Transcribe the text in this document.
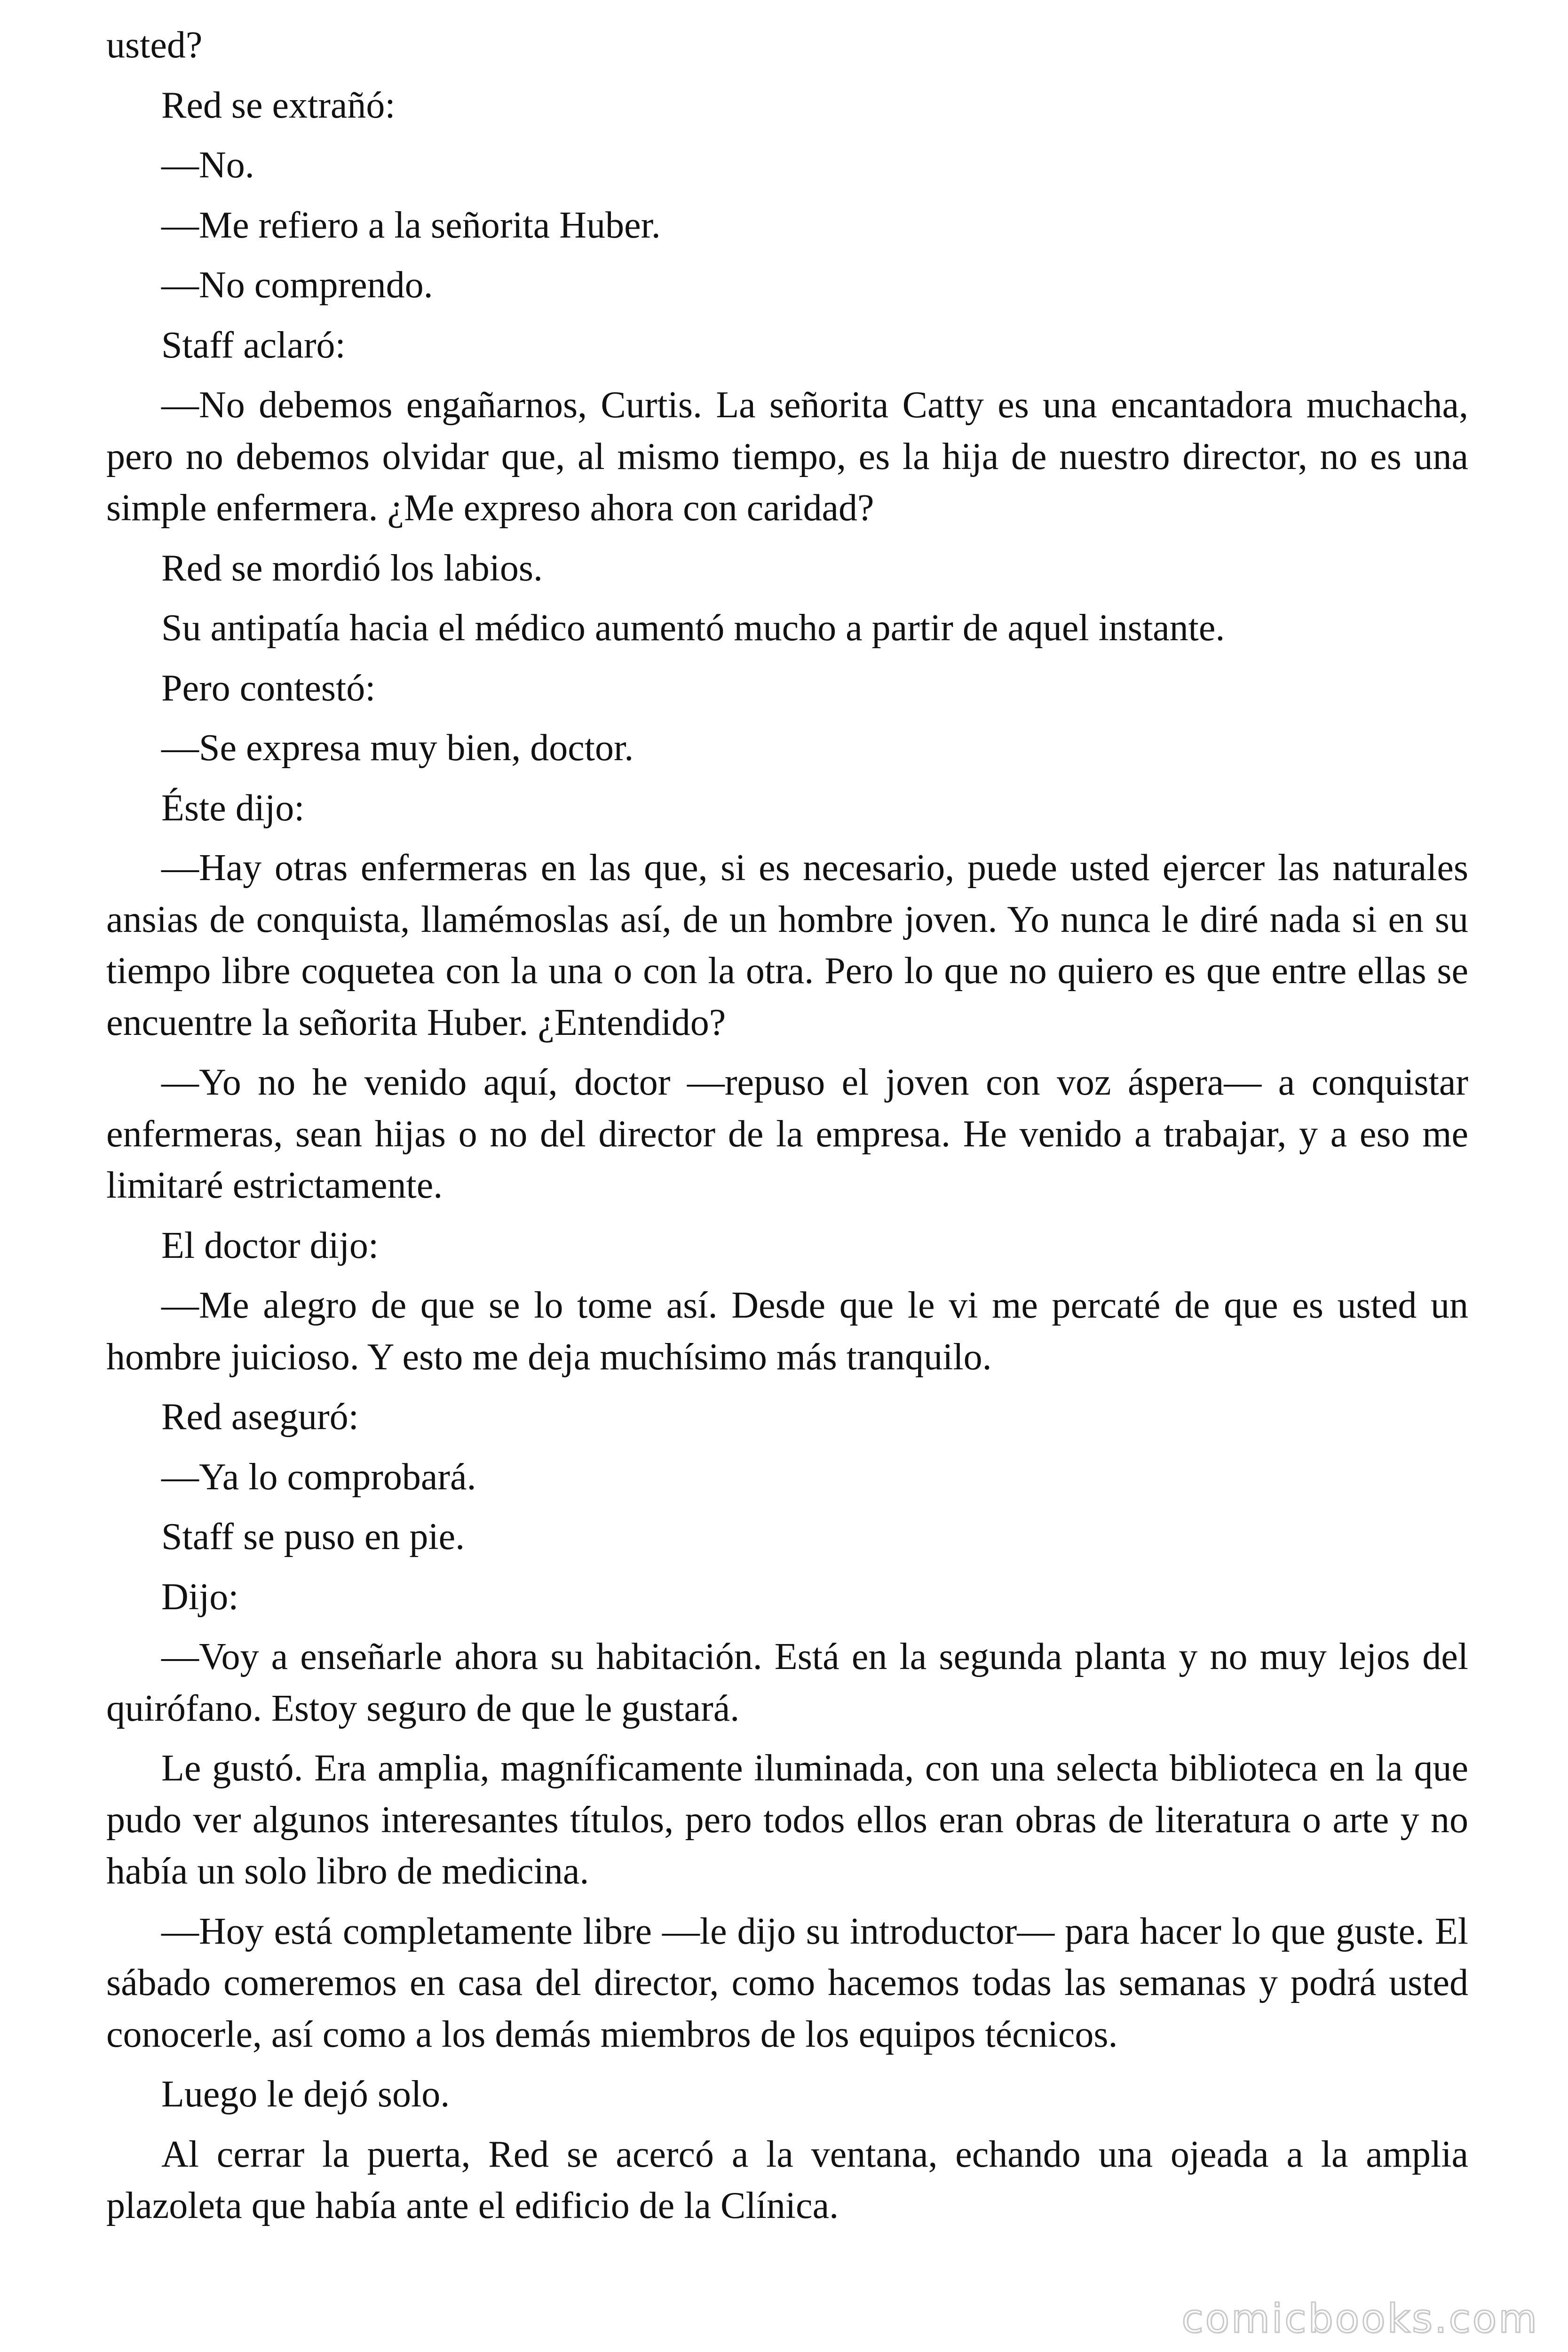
usted?

Red se extrañó:

—No.

—Me refiero a la señorita Huber.

—No comprendo.

Staff aclaró:

—No debemos engañarnos, Curtis. La señorita Catty es una encantadora muchacha, pero no debemos olvidar que, al mismo tiempo, es la hija de nuestro director, no es una simple enfermera. ¿Me expreso ahora con caridad?

Red se mordió los labios.

Su antipatía hacia el médico aumentó mucho a partir de aquel instante.

Pero contestó:

—Se expresa muy bien, doctor.

Éste dijo:

—Hay otras enfermeras en las que, si es necesario, puede usted ejercer las naturales ansias de conquista, llamémoslas así, de un hombre joven. Yo nunca le diré nada si en su tiempo libre coquetea con la una o con la otra. Pero lo que no quiero es que entre ellas se encuentre la señorita Huber. ¿Entendido?

—Yo no he venido aquí, doctor —repuso el joven con voz áspera— a conquistar enfermeras, sean hijas o no del director de la empresa. He venido a trabajar, y a eso me limitaré estrictamente.

El doctor dijo:

—Me alegro de que se lo tome así. Desde que le vi me percaté de que es usted un hombre juicioso. Y esto me deja muchísimo más tranquilo.

Red aseguró:

—Ya lo comprobará.

Staff se puso en pie.

Dijo:

—Voy a enseñarle ahora su habitación. Está en la segunda planta y no muy lejos del quirófano. Estoy seguro de que le gustará.

Le gustó. Era amplia, magníficamente iluminada, con una selecta biblioteca en la que pudo ver algunos interesantes títulos, pero todos ellos eran obras de literatura o arte y no había un solo libro de medicina.

—Hoy está completamente libre —le dijo su introductor— para hacer lo que guste. El sábado comeremos en casa del director, como hacemos todas las semanas y podrá usted conocerle, así como a los demás miembros de los equipos técnicos.

Luego le dejó solo.

Al cerrar la puerta, Red se acercó a la ventana, echando una ojeada a la amplia plazoleta que había ante el edificio de la Clínica.

comicbooks.com
